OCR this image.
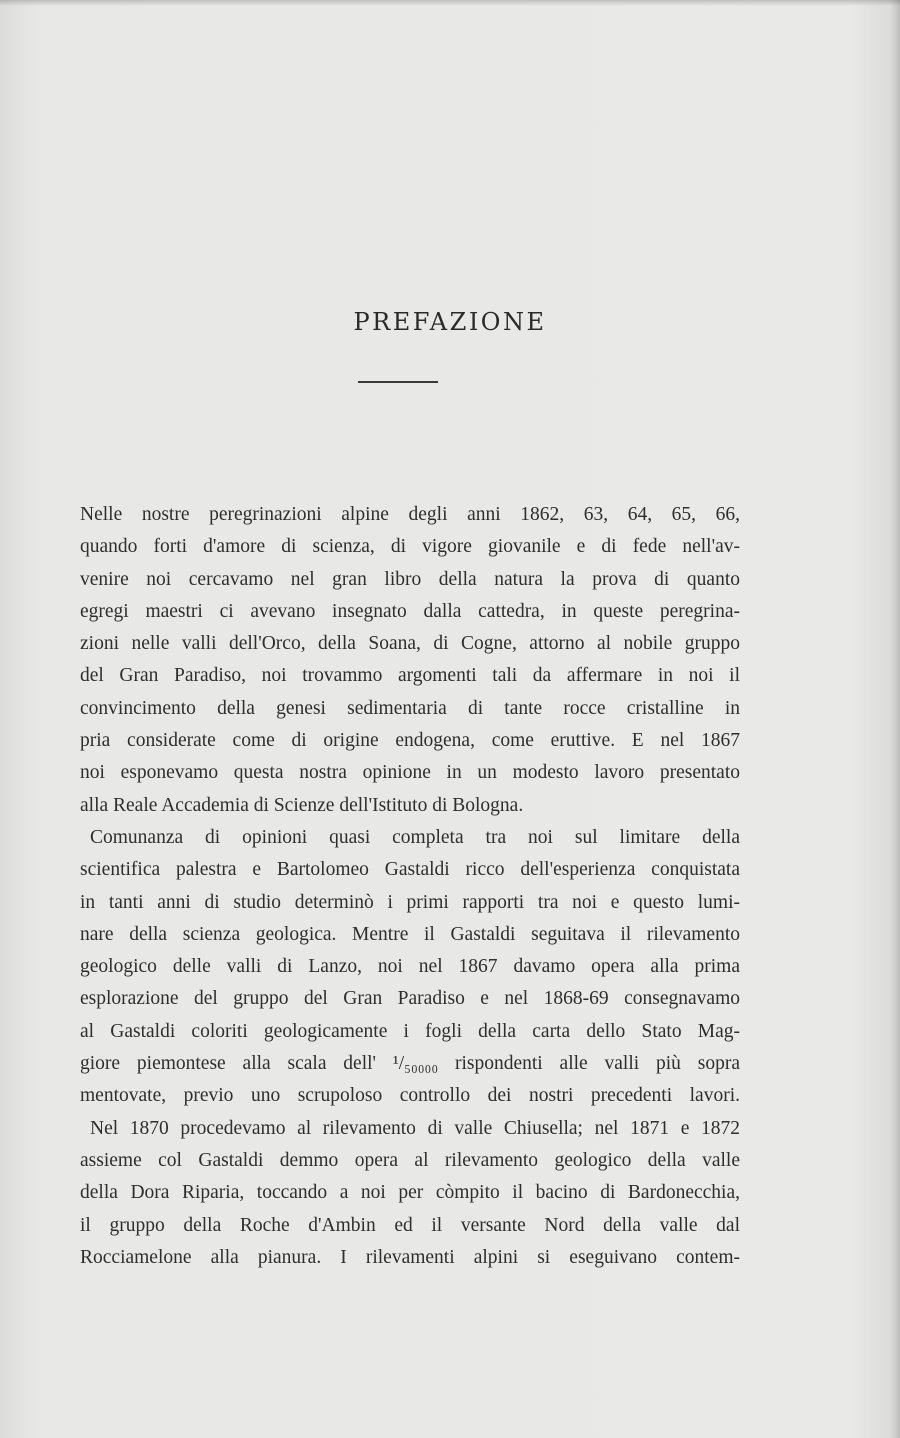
PREFAZIONE
Nelle nostre peregrinazioni alpine degli anni 1862, 63, 64, 65, 66,
quando forti d'amore di scienza, di vigore giovanile e di fede nell'av-
venire noi cercavamo nel gran libro della natura la prova di quanto
egregi maestri ci avevano insegnato dalla cattedra, in queste peregrina-
zioni nelle valli dell'Orco, della Soana, di Cogne, attorno al nobile gruppo
del Gran Paradiso, noi trovammo argomenti tali da affermare in noi il
convincimento della genesi sedimentaria di tante rocce cristalline in
pria considerate come di origine endogena, come eruttive. E nel 1867
noi esponevamo questa nostra opinione in un modesto lavoro presentato
alla Reale Accademia di Scienze dell'Istituto di Bologna.
Comunanza di opinioni quasi completa tra noi sul limitare della
scientifica palestra e Bartolomeo Gastaldi ricco dell'esperienza conquistata
in tanti anni di studio determinò i primi rapporti tra noi e questo lumi-
nare della scienza geologica. Mentre il Gastaldi seguitava il rilevamento
geologico delle valli di Lanzo, noi nel 1867 davamo opera alla prima
esplorazione del gruppo del Gran Paradiso e nel 1868-69 consegnavamo
al Gastaldi coloriti geologicamente i fogli della carta dello Stato Mag-
giore piemontese alla scala dell' ¹/₅₀₀₀₀ rispondenti alle valli più sopra
mentovate, previo uno scrupoloso controllo dei nostri precedenti lavori.
Nel 1870 procedevamo al rilevamento di valle Chiusella; nel 1871 e 1872
assieme col Gastaldi demmo opera al rilevamento geologico della valle
della Dora Riparia, toccando a noi per còmpito il bacino di Bardonecchia,
il gruppo della Roche d'Ambin ed il versante Nord della valle dal
Rocciamelone alla pianura. I rilevamenti alpini si eseguivano contem-
